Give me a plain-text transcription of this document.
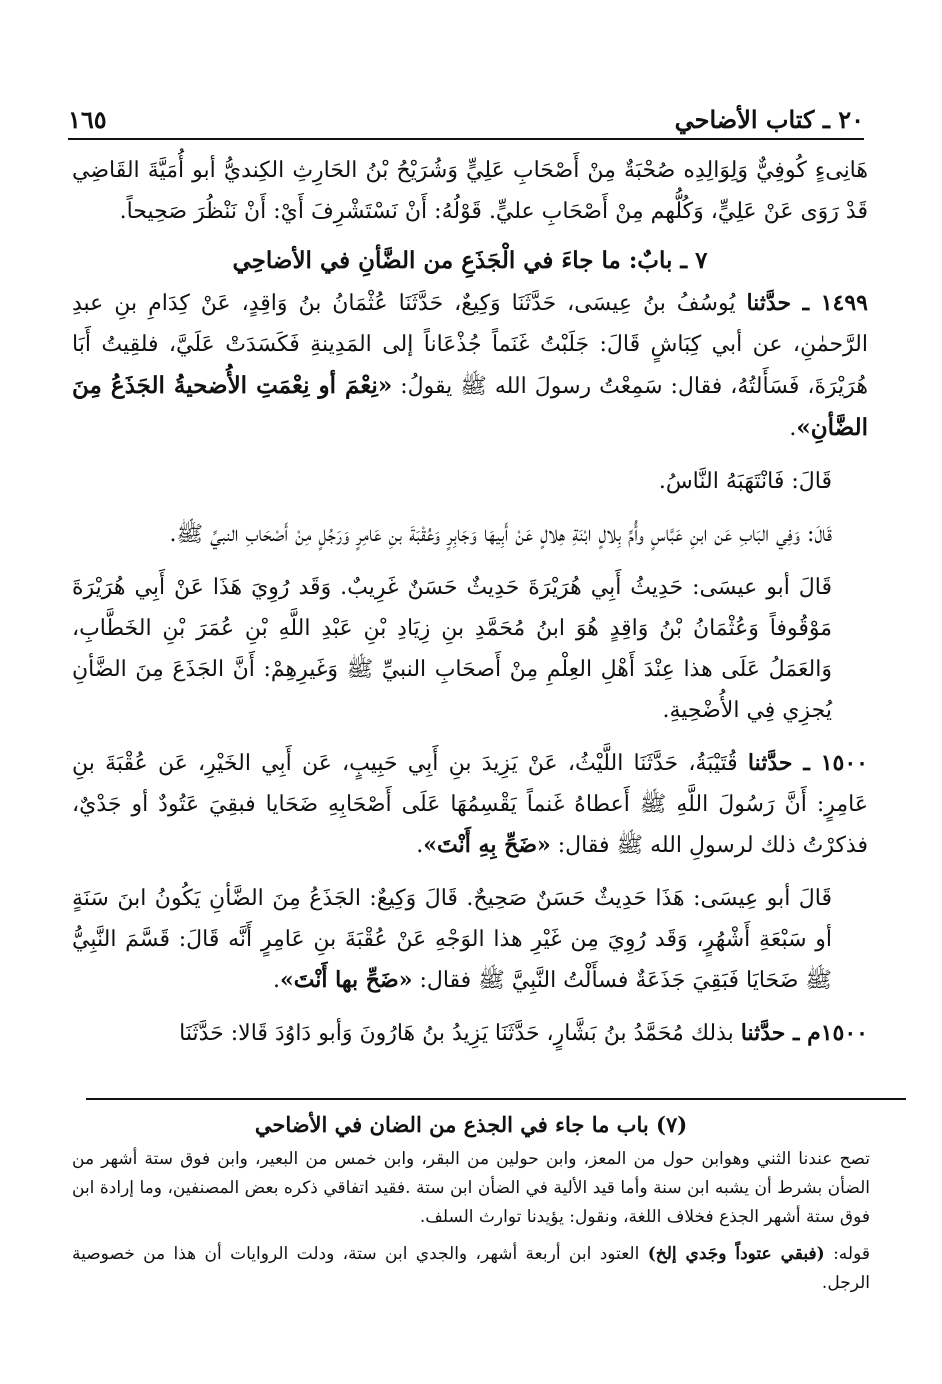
١٦٥	٢٠ ـ كتاب الأضاحي

هَانِىءٍ كُوفِيٌّ وَلِوَالِدِه صُحْبَةٌ مِنْ أَصْحَابِ عَلِيٍّ وَشُرَيْحُ بْنُ الحَارِثِ الكِنديُّ أبو أُمَيَّةَ القَاضِي قَدْ رَوَى عَنْ عَلِيٍّ، وَكُلُّهم مِنْ أَصْحَابِ عليٍّ. قَوْلُهُ: أَنْ نَسْتَشْرِفَ أَيْ: أَنْ نَنْظُرَ صَحِيحاً.

٧ ـ بابٌ: ما جاءَ في الْجَذَعِ من الضَّأنِ في الأضاحِي

١٤٩٩ ـ حدَّثنا يُوسُفُ بنُ عِيسَى، حَدَّثَنَا وَكِيعٌ، حَدَّثَنَا عُثْمَانُ بنُ وَاقِدٍ، عَنْ كِدَامِ بنِ عبدِ الرَّحمٰنِ، عن أبي كِبَاشٍ قَالَ: جَلَبْتُ غَنَماً جُذْعَاناً إلى المَدِينةِ فَكَسَدَتْ عَلَيَّ، فلقِيتُ أَبَا هُرَيْرَةَ، فَسَأَلتُهُ، فقال: سَمِعْتُ رسولَ الله ﷺ يقولُ: «نِعْمَ أو نِعْمَتِ الأُضحيةُ الجَذَعُ مِنَ الضَّأنِ».

قَالَ: فَانْتَهَبَهُ النَّاسُ.

قَالَ: وَفِي البَابِ عَن ابنِ عَبَّاسٍ وأُمِّ بِلالٍ ابْنَةِ هِلالٍ عَنْ أَبِيهَا وَجَابِرٍ وَعُقْبَةَ بنِ عَامِرٍ وَرَجُلٍ مِنْ أَصْحَابِ النبيِّ ﷺ.

قَالَ أبو عيسَى: حَدِيثُ أَبِي هُرَيْرَةَ حَدِيثٌ حَسَنٌ غَرِيبٌ. وَقَد رُوِيَ هَذَا عَنْ أَبِي هُرَيْرَةَ مَوْقُوفاً وَعُثْمَانُ بْنُ وَاقِدٍ هُوَ ابنُ مُحَمَّدِ بنِ زِيَادِ بْنِ عَبْدِ اللَّهِ بْنِ عُمَرَ بْنِ الخَطَّابِ، وَالعَمَلُ عَلَى هذا عِنْدَ أَهْلِ العِلْمِ مِنْ أَصحَابِ النبيِّ ﷺ وَغَيرِهِمْ: أَنَّ الجَذَعَ مِنَ الضَّأنِ يُجزِي فِي الأُضْحِيةِ.

١٥٠٠ ـ حدَّثنا قُتَيْبَةُ، حَدَّثَنَا اللَّيْثُ، عَنْ يَزِيدَ بنِ أَبِي حَبِيبٍ، عَن أَبِي الخَيْرِ، عَن عُقْبَةَ بنِ عَامِرٍ: أَنَّ رَسُولَ اللَّهِ ﷺ أَعطاهُ غَنماً يَقْسِمُهَا عَلَى أَصْحَابِهِ ضَحَايا فبقِيَ عَتُودٌ أو جَدْيٌ، فذكرْتُ ذلك لرسولِ الله ﷺ فقال: «ضَحِّ بِهِ أَنْتَ».

قَالَ أبو عِيسَى: هَذَا حَدِيثٌ حَسَنٌ صَحِيحٌ. قَالَ وَكِيعٌ: الجَذَعُ مِنَ الضَّأنِ يَكُونُ ابنَ سَنَةٍ أو سَبْعَةِ أَشْهُرٍ، وَقَد رُوِيَ مِن غَيْرِ هذا الوَجْهِ عَنْ عُقْبَةَ بنِ عَامِرٍ أَنَّه قَالَ: قَسَّمَ النَّبِيُّ ﷺ ضَحَايَا فَبَقِيَ جَذَعَةٌ فسأَلْتُ النَّبِيَّ ﷺ فقال: «ضَحِّ بها أَنْتَ».

١٥٠٠م ـ حدَّثنا بذلك مُحَمَّدُ بنُ بَشَّارٍ، حَدَّثَنَا يَزِيدُ بنُ هَارُونَ وَأبو دَاوُدَ قَالا: حَدَّثَنَا

(٧) باب ما جاء في الجذع من الضان في الأضاحي

تصح عندنا الثني وهوابن حول من المعز، وابن حولين من البقر، وابن خمس من البعير، وابن فوق ستة أشهر من الضأن بشرط أن يشبه ابن سنة وأما قيد الألية في الضأن ابن ستة .فقيد اتفاقي ذكره بعض المصنفين، وما إرادة ابن فوق ستة أشهر الجذع فخلاف اللغة، ونقول: يؤيدنا توارث السلف.

قوله: (فبقي عتوداً وجَدي إلخ) العتود ابن أربعة أشهر، والجدي ابن ستة، ودلت الروايات أن هذا من خصوصية الرجل.
